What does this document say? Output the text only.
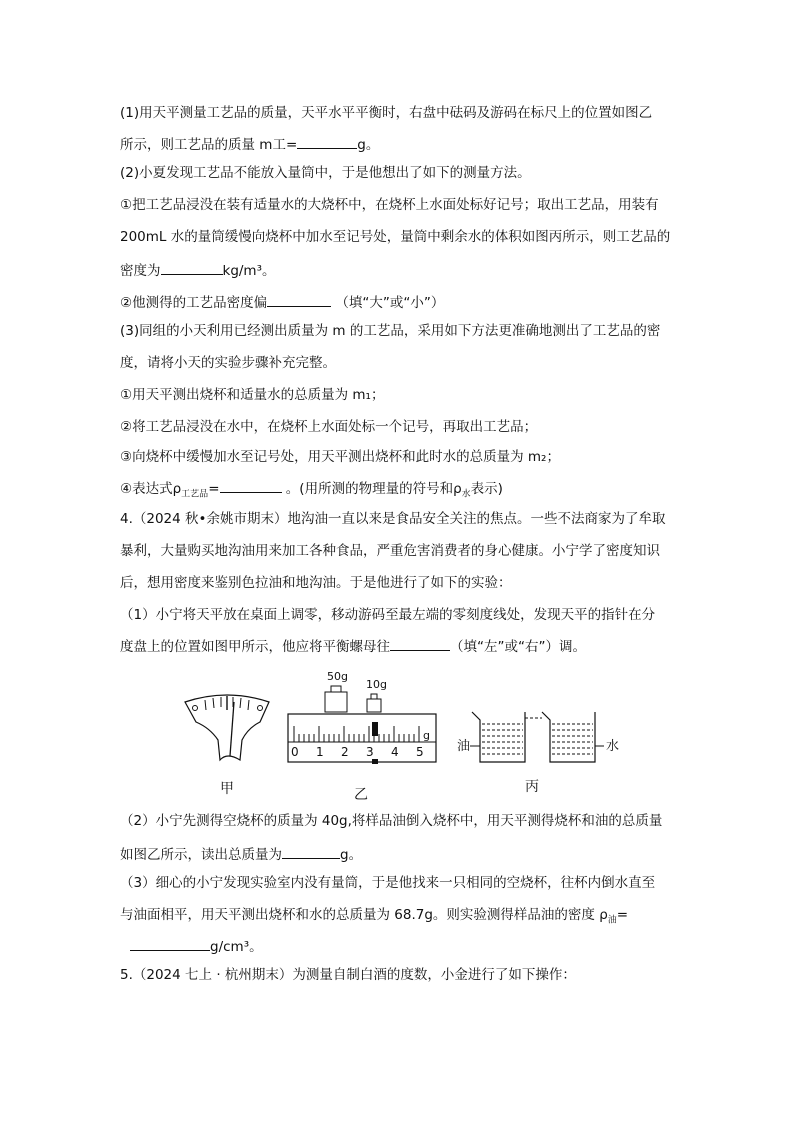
(1)用天平测量工艺品的质量，天平水平平衡时，右盘中砝码及游码在标尺上的位置如图乙
所示，则工艺品的质量 m工=	g。
(2)小夏发现工艺品不能放入量筒中，于是他想出了如下的测量方法。
①把工艺品浸没在装有适量水的大烧杯中，在烧杯上水面处标好记号；取出工艺品，用装有
200mL 水的量筒缓慢向烧杯中加水至记号处，量筒中剩余水的体积如图丙所示，则工艺品的
密度为	kg/m³。
②他测得的工艺品密度偏	（填“大”或“小”）
(3)同组的小天利用已经测出质量为 m 的工艺品，采用如下方法更准确地测出了工艺品的密
度，请将小天的实验步骤补充完整。
①用天平测出烧杯和适量水的总质量为 m₁；
②将工艺品浸没在水中，在烧杯上水面处标一个记号，再取出工艺品；
③向烧杯中缓慢加水至记号处，用天平测出烧杯和此时水的总质量为 m₂；
④表达式$\rho_{工艺品}=$	。(用所测的物理量的符号和$\rho_水$表示)
4.（2024 秋•余姚市期末）地沟油一直以来是食品安全关注的焦点。一些不法商家为了牟取
暴利，大量购买地沟油用来加工各种食品，严重危害消费者的身心健康。小宁学了密度知识
后，想用密度来鉴别色拉油和地沟油。于是他进行了如下的实验：
（1）小宁将天平放在桌面上调零，移动游码至最左端的零刻度线处，发现天平的指针在分
度盘上的位置如图甲所示，他应将平衡螺母往	（填“左”或“右”）调。
50g
10g
0 1 2 3 4 5
g
油	水
甲	乙	丙
（2）小宁先测得空烧杯的质量为 40g,将样品油倒入烧杯中，用天平测得烧杯和油的总质量
如图乙所示，读出总质量为	g。
（3）细心的小宁发现实验室内没有量筒，于是他找来一只相同的空烧杯，往杯内倒水直至
与油面相平，用天平测出烧杯和水的总质量为 68.7g。则实验测得样品油的密度 $\rho_油=$
g/cm³。
5.（2024 七上 · 杭州期末）为测量自制白酒的度数，小金进行了如下操作：
